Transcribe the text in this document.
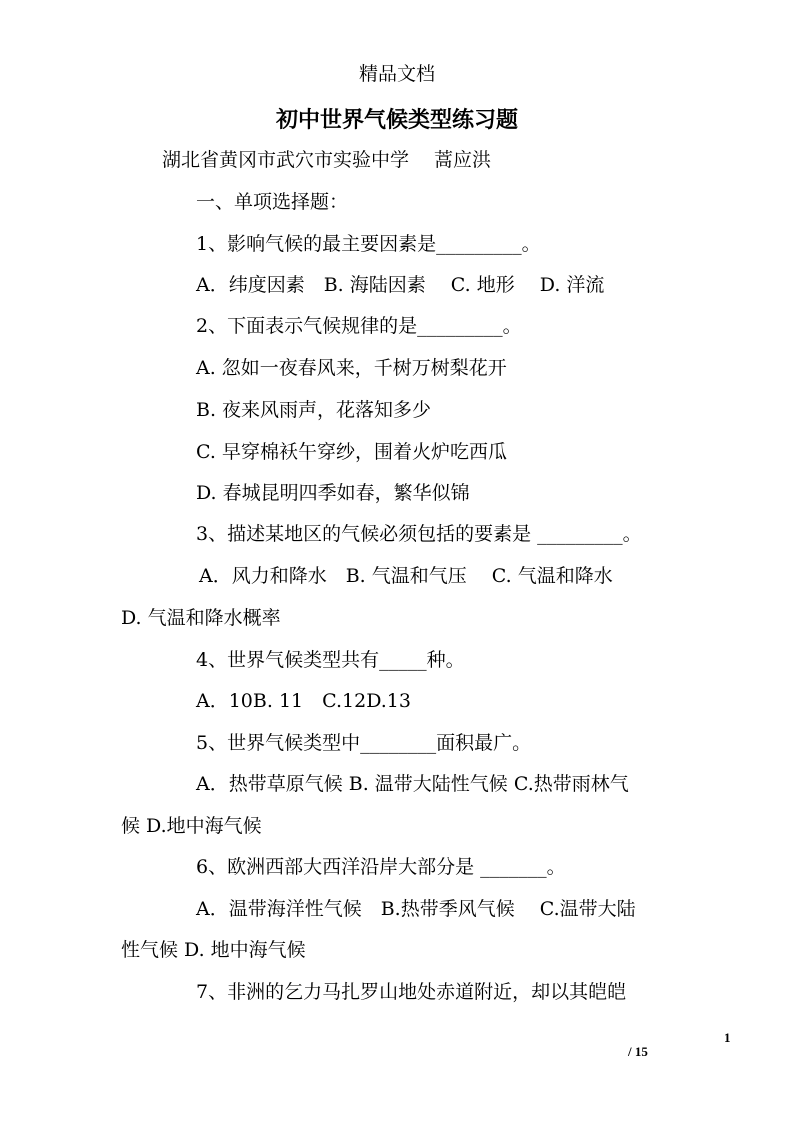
精品文档
初中世界气候类型练习题
湖北省黄冈市武穴市实验中学　 蒿应洪
一、单项选择题：
1、影响气候的最主要因素是_________。
A．纬度因素　B. 海陆因素　 C. 地形　 D. 洋流
2、下面表示气候规律的是_________。
A. 忽如一夜春风来，千树万树梨花开
B. 夜来风雨声，花落知多少
C. 早穿棉袄午穿纱，围着火炉吃西瓜
D. 春城昆明四季如春，繁华似锦
3、描述某地区的气候必须包括的要素是 _________。
A．风力和降水　B. 气温和气压　 C. 气温和降水
D. 气温和降水概率
4、世界气候类型共有_____种。
A．10B. 11　C.12D.13
5、世界气候类型中________面积最广。
A．热带草原气候 B. 温带大陆性气候 C.热带雨林气
候 D.地中海气候
6、欧洲西部大西洋沿岸大部分是 _______。
A．温带海洋性气候　B.热带季风气候　 C.温带大陆
性气候 D. 地中海气候
7、非洲的乞力马扎罗山地处赤道附近，却以其皑皑
1
/ 15
